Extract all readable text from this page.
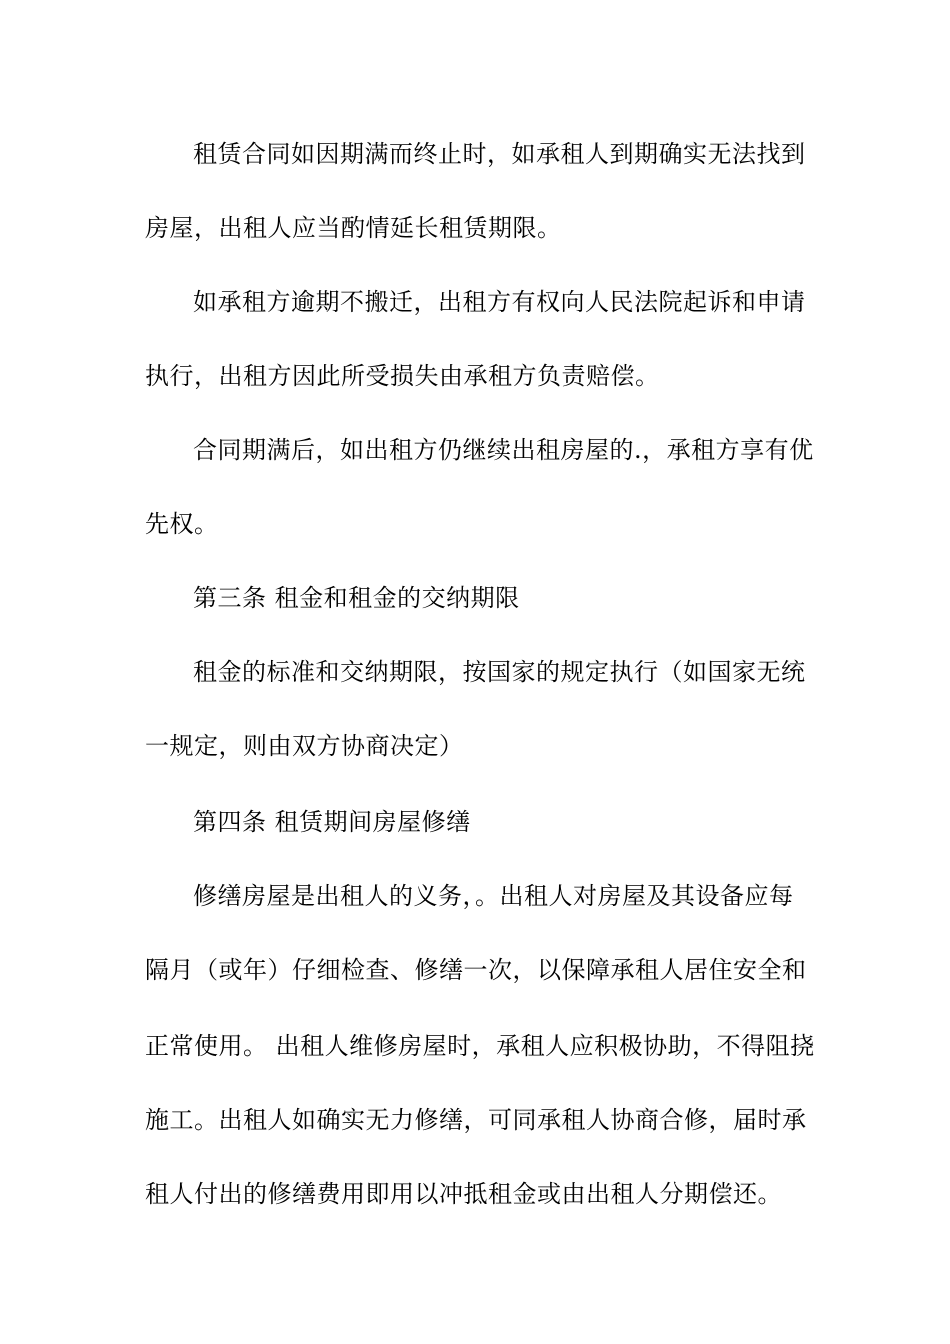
租赁合同如因期满而终止时，如承租人到期确实无法找到
房屋，出租人应当酌情延长租赁期限。
如承租方逾期不搬迁，出租方有权向人民法院起诉和申请
执行，出租方因此所受损失由承租方负责赔偿。
合同期满后，如出租方仍继续出租房屋的.，承租方享有优
先权。
第三条 租金和租金的交纳期限
租金的标准和交纳期限，按国家的规定执行（如国家无统
一规定，则由双方协商决定）
第四条 租赁期间房屋修缮
修缮房屋是出租人的义务，。出租人对房屋及其设备应每
隔月（或年）仔细检查、修缮一次，以保障承租人居住安全和
正常使用。 出租人维修房屋时，承租人应积极协助，不得阻挠
施工。出租人如确实无力修缮，可同承租人协商合修，届时承
租人付出的修缮费用即用以冲抵租金或由出租人分期偿还。
